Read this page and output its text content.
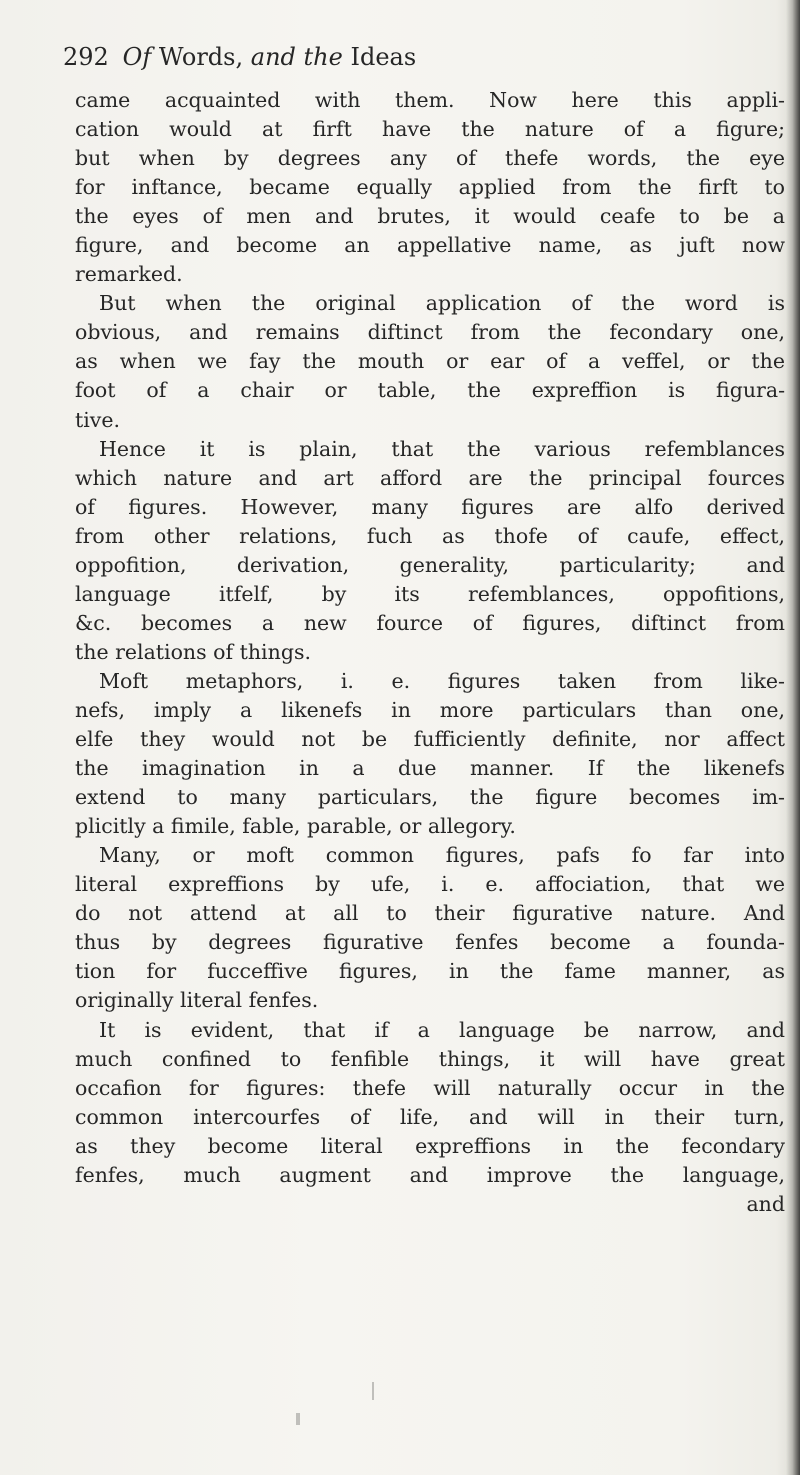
292 Of Words, and the Ideas
came acquainted with them. Now here this appli-
cation would at firft have the nature of a figure;
but when by degrees any of thefe words, the eye
for inftance, became equally applied from the firft to
the eyes of men and brutes, it would ceafe to be a
figure, and become an appellative name, as juft now
remarked.
But when the original application of the word is
obvious, and remains diftinct from the fecondary one,
as when we fay the mouth or ear of a veffel, or the
foot of a chair or table, the expreffion is figura-
tive.
Hence it is plain, that the various refemblances
which nature and art afford are the principal fources
of figures. However, many figures are alfo derived
from other relations, fuch as thofe of caufe, effect,
oppofition, derivation, generality, particularity; and
language itfelf, by its refemblances, oppofitions,
&c. becomes a new fource of figures, diftinct from
the relations of things.
Moft metaphors, i. e. figures taken from like-
nefs, imply a likenefs in more particulars than one,
elfe they would not be fufficiently definite, nor affect
the imagination in a due manner. If the likenefs
extend to many particulars, the figure becomes im-
plicitly a fimile, fable, parable, or allegory.
Many, or moft common figures, pafs fo far into
literal expreffions by ufe, i. e. affociation, that we
do not attend at all to their figurative nature. And
thus by degrees figurative fenfes become a founda-
tion for fucceffive figures, in the fame manner, as
originally literal fenfes.
It is evident, that if a language be narrow, and
much confined to fenfible things, it will have great
occafion for figures: thefe will naturally occur in the
common intercourfes of life, and will in their turn,
as they become literal expreffions in the fecondary
fenfes, much augment and improve the language,
and
